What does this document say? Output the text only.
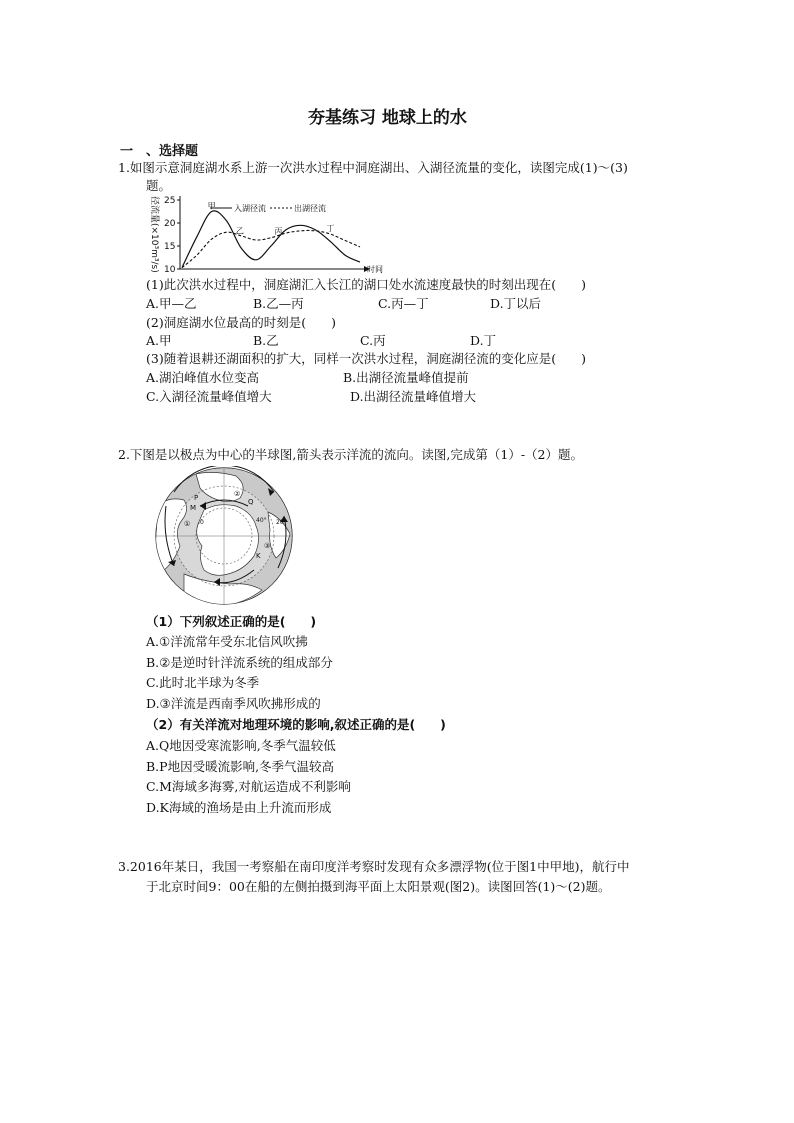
夯基练习 地球上的水
一　、选择题
1.如图示意洞庭湖水系上游一次洪水过程中洞庭湖出、入湖径流量的变化，读图完成(1)～(3)
题。
10
15
20
25
径流量(×10³m³/s)	时间
入湖径流	出湖径流
甲
乙	丙	丁
(1)此次洪水过程中，洞庭湖汇入长江的湖口处水流速度最快的时刻出现在(　　)
A.甲—乙	B.乙—丙	C.丙—丁	D.丁以后
(2)洞庭湖水位最高的时刻是(　　)
A.甲	B.乙	C.丙	D.丁
(3)随着退耕还湖面积的扩大，同样一次洪水过程，洞庭湖径流的变化应是(　　)
A.湖泊峰值水位变高	B.出湖径流量峰值提前
C.入湖径流量峰值增大	D.出湖径流量峰值增大
2.下图是以极点为中心的半球图,箭头表示洋流的流向。读图,完成第（1）-（2）题。
M
P	Q
K
①
②
③
0	40° 20°
（1）下列叙述正确的是(　　)
A.①洋流常年受东北信风吹拂
B.②是逆时针洋流系统的组成部分
C.此时北半球为冬季
D.③洋流是西南季风吹拂形成的
（2）有关洋流对地理环境的影响,叙述正确的是(　　)
A.Q地因受寒流影响,冬季气温较低
B.P地因受暖流影响,冬季气温较高
C.M海域多海雾,对航运造成不利影响
D.K海域的渔场是由上升流而形成
3.2016年某日，我国一考察船在南印度洋考察时发现有众多漂浮物(位于图1中甲地)，航行中
于北京时间9：00在船的左侧拍摄到海平面上太阳景观(图2)。读图回答(1)～(2)题。
